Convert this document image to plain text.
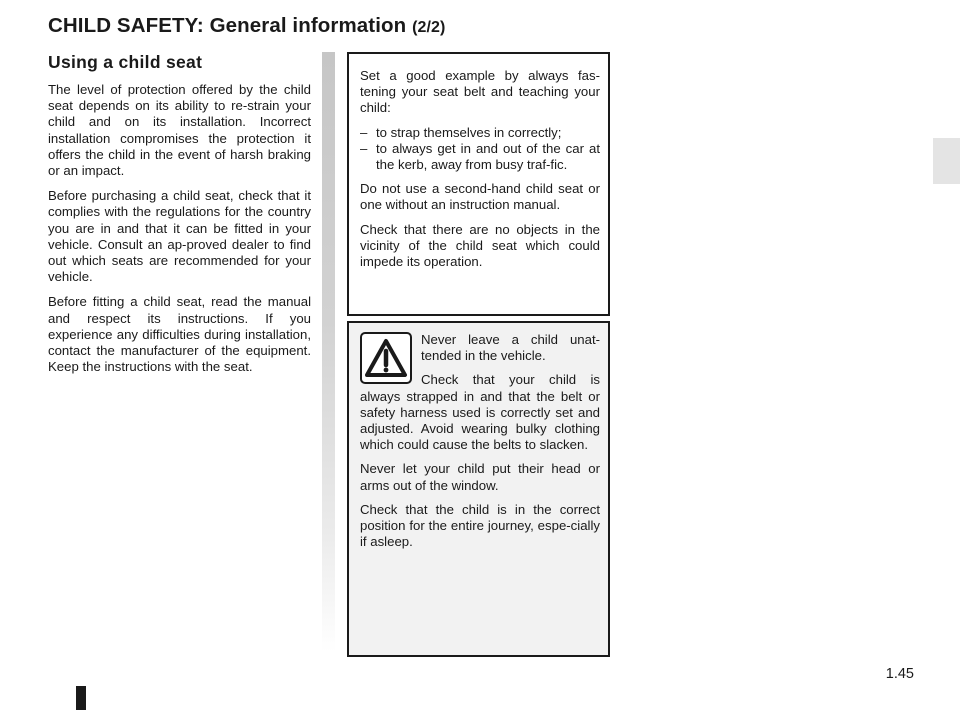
CHILD SAFETY: General information (2/2)
Using a child seat

The level of protection offered by the child seat depends on its ability to re-strain your child and on its installation. Incorrect installation compromises the protection it offers the child in the event of harsh braking or an impact.

Before purchasing a child seat, check that it complies with the regulations for the country you are in and that it can be fitted in your vehicle. Consult an ap-proved dealer to find out which seats are recommended for your vehicle.

Before fitting a child seat, read the manual and respect its instructions. If you experience any difficulties during installation, contact the manufacturer of the equipment. Keep the instructions with the seat.

Set a good example by always fas-tening your seat belt and teaching your child:

– to strap themselves in correctly;
– to always get in and out of the car at the kerb, away from busy traf-fic.

Do not use a second-hand child seat or one without an instruction manual.

Check that there are no objects in the vicinity of the child seat which could impede its operation.

Never leave a child unat-tended in the vehicle.

Check that your child is always strapped in and that the belt or safety harness used is correctly set and adjusted. Avoid wearing bulky clothing which could cause the belts to slacken.

Never let your child put their head or arms out of the window.

Check that the child is in the correct position for the entire journey, espe-cially if asleep.

1.45
